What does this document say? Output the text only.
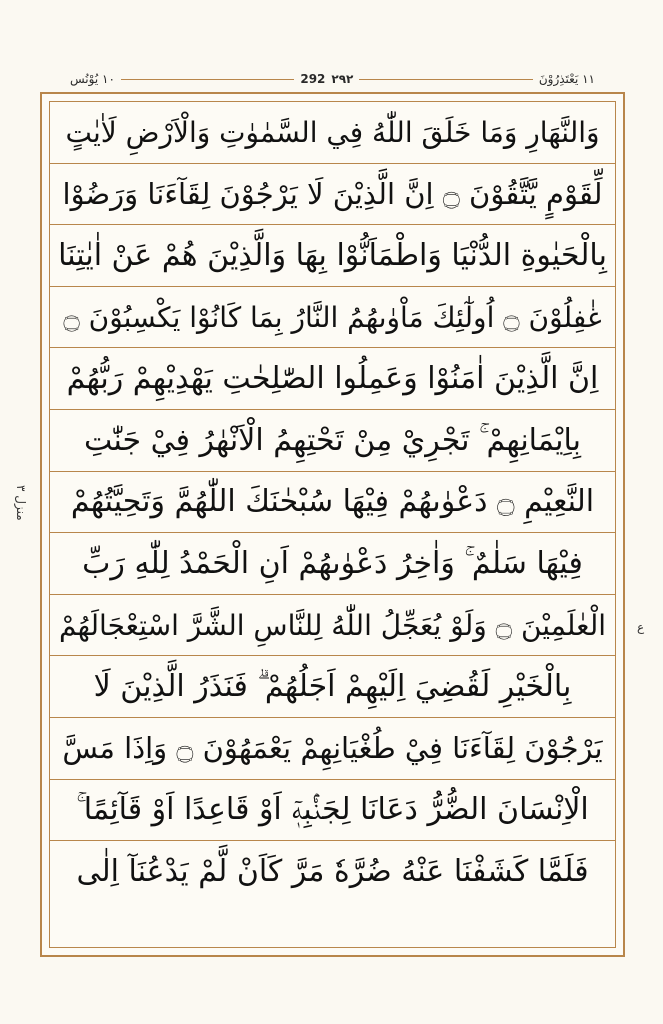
١١ يَعْتَذِرُوْنَ
٢٩٢
292
١٠ يُوْنُس
منزل ٣
ع
وَالنَّهَارِ وَمَا خَلَقَ اللّٰهُ فِي السَّمٰوٰتِ وَالْاَرْضِ لَاٰيٰتٍ
لِّقَوْمٍ يَّتَّقُوْنَ ۝ اِنَّ الَّذِيْنَ لَا يَرْجُوْنَ لِقَآءَنَا وَرَضُوْا
بِالْحَيٰوةِ الدُّنْيَا وَاطْمَاَنُّوْا بِهَا وَالَّذِيْنَ هُمْ عَنْ اٰيٰتِنَا
غٰفِلُوْنَ ۝ اُولٰٓئِكَ مَاْوٰىهُمُ النَّارُ بِمَا كَانُوْا يَكْسِبُوْنَ ۝
اِنَّ الَّذِيْنَ اٰمَنُوْا وَعَمِلُوا الصّٰلِحٰتِ يَهْدِيْهِمْ رَبُّهُمْ
بِاِيْمَانِهِمْ ۚ تَجْرِيْ مِنْ تَحْتِهِمُ الْاَنْهٰرُ فِيْ جَنّٰتِ
النَّعِيْمِ ۝ دَعْوٰىهُمْ فِيْهَا سُبْحٰنَكَ اللّٰهُمَّ وَتَحِيَّتُهُمْ
فِيْهَا سَلٰمٌ ۚ وَاٰخِرُ دَعْوٰىهُمْ اَنِ الْحَمْدُ لِلّٰهِ رَبِّ
الْعٰلَمِيْنَ ۝ وَلَوْ يُعَجِّلُ اللّٰهُ لِلنَّاسِ الشَّرَّ اسْتِعْجَالَهُمْ
بِالْخَيْرِ لَقُضِيَ اِلَيْهِمْ اَجَلُهُمْ ۗ فَنَذَرُ الَّذِيْنَ لَا
يَرْجُوْنَ لِقَآءَنَا فِيْ طُغْيَانِهِمْ يَعْمَهُوْنَ ۝ وَاِذَا مَسَّ
الْاِنْسَانَ الضُّرُّ دَعَانَا لِجَنْۢبِهٖٓ اَوْ قَاعِدًا اَوْ قَآئِمًا ۚ
فَلَمَّا كَشَفْنَا عَنْهُ ضُرَّهٗ مَرَّ كَاَنْ لَّمْ يَدْعُنَآ اِلٰى
